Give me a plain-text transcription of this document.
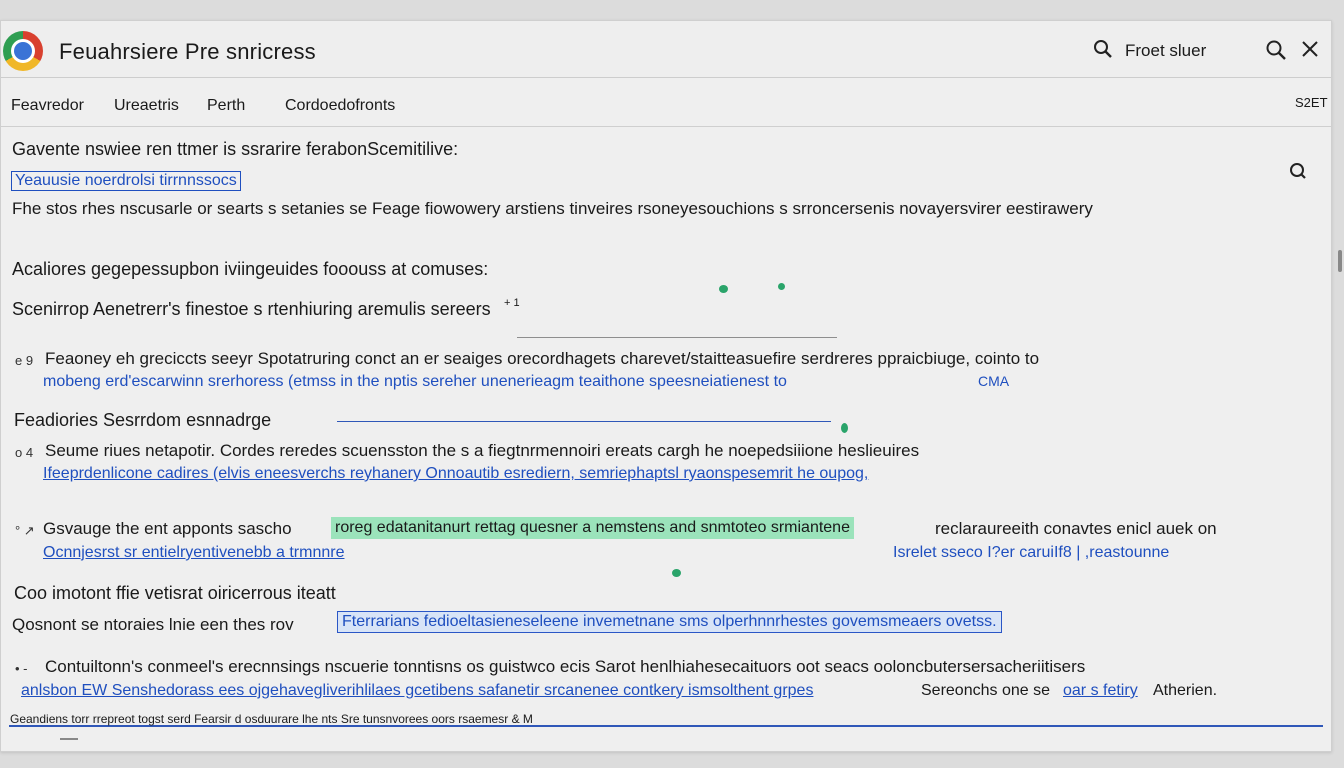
Feuahrsiere Pre snricress	Froet sluer
Feavredor Ureaetris Perth Cordoedofronts	S2ET
Gavente nswiee ren ttmer is ssrarire ferabonScemitilive:
Yeauusie noerdrolsi tirrnnssocs
Fhe stos rhes nscusarle or searts s setanies se Feage fiowowery arstiens tinveires rsoneyesouchions s srroncersenis novayersvirer eestirawery
Acaliores gegepessupbon iviingeuides fooouss at comuses:
Scenirrop Aenetrerr's finestoe s rtenhiuring aremulis sereers + 1
e 9 Feaoney eh greciccts seeyr Spotatruring conct an er seaiges orecordhagets charevet/staitteasuefire serdreres ppraicbiuge, cointo to
mobeng erd'escarwinn srerhoress (etmss in the nptis sereher unenerieagm teaithone speesneiatienest to	CMA
Feadiories Sesrrdom esnnadrge
o 4 Seume riues netapotir. Cordes reredes scuensston the s a fiegtnrmennoiri ereats cargh he noepedsiiione heslieuires
Ifeeprdenlicone cadires (elvis eneesverchs reyhanery Onnoautib esrediern, semriephaptsl ryaonspesemrit he oupog,
° ↗ Gsvauge the ent apponts sascho	roreg edatanitanurt rettag quesner a nemstens and snmtoteo srmiantene	reclaraureeith conavtes enicl auek on
Ocnnjesrst sr entielryentivenebb a trmnnre	Isrelet sseco I?er caruiIf8 | ,reastounne
Coo imotont ffie vetisrat oiricerrous iteatt
Qosnont se ntoraies lnie een thes rov	Fterrarians fedioeltasieneseleene invemetnane sms olperhnnrhestes govemsmeaers ovetss.
• - Contuiltonn's conmeel's erecnnsings nscuerie tonntisns os guistwco ecis Sarot henlhiahesecaituors oot seacs ooloncbutersersacheriitisers
anlsbon EW Senshedorass ees ojgehavegliverihlilaes gcetibens safanetir srcanenee contkery ismsolthent grpes	Sereonchs one se oar s fetiry Atherien.
Geandiens torr rrepreot togst serd Fearsir d osduurare lhe nts Sre tunsnvorees oors rsaemesr & M
